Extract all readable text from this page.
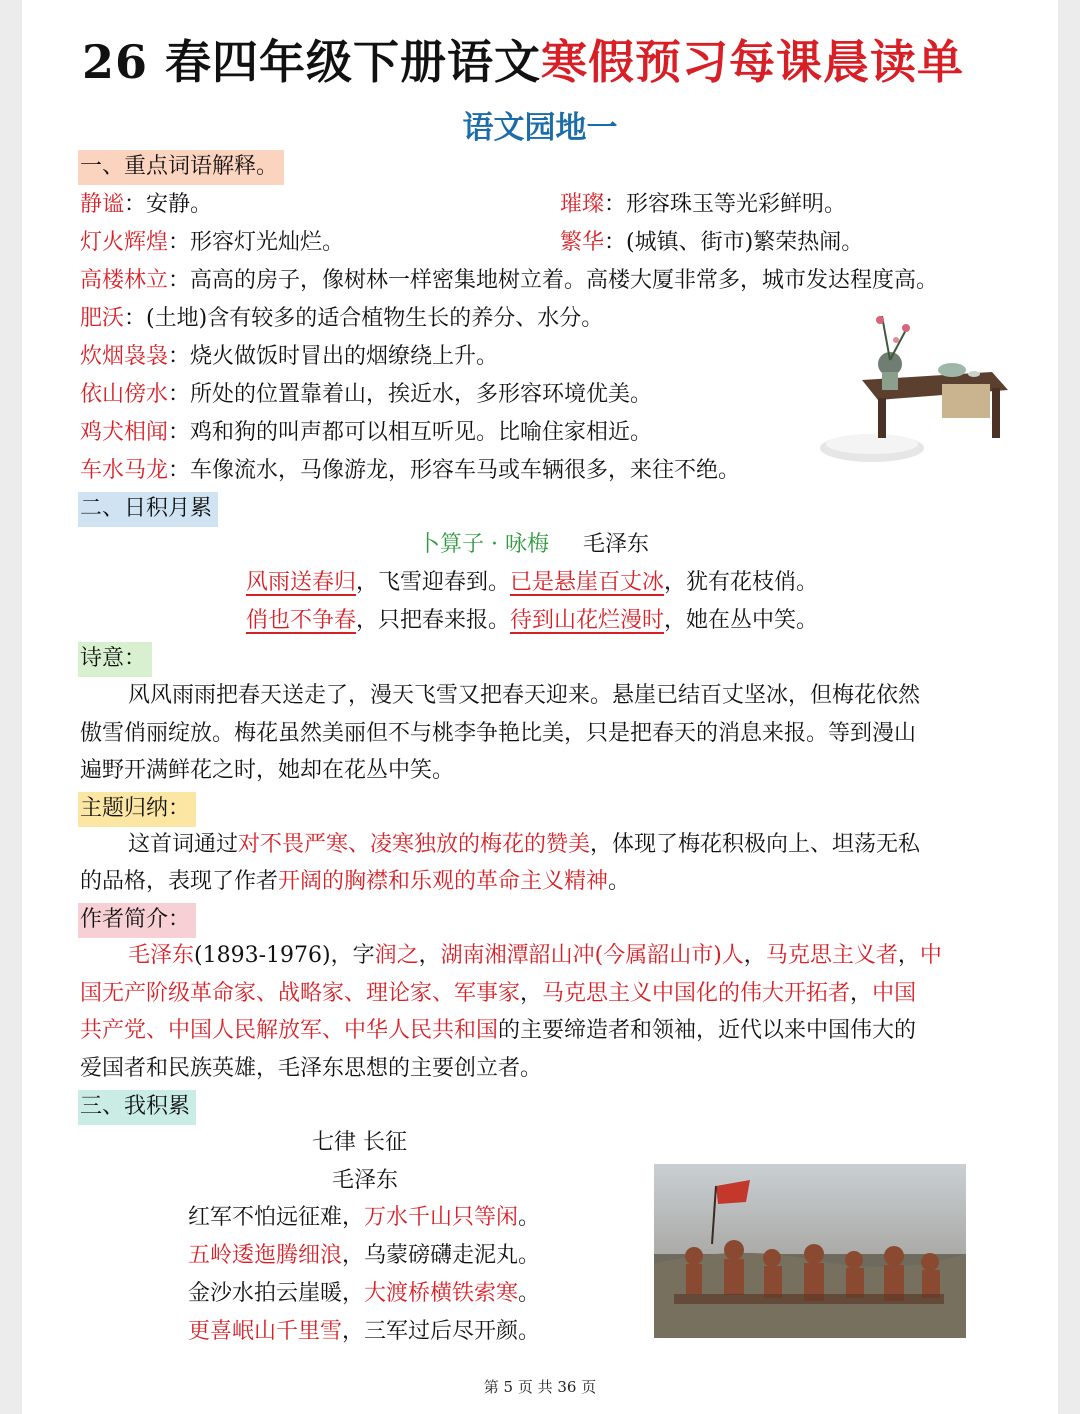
26 春四年级下册语文寒假预习每课晨读单
语文园地一
一、重点词语解释。
静谧：安静。	璀璨：形容珠玉等光彩鲜明。
灯火辉煌：形容灯光灿烂。	繁华：(城镇、街市)繁荣热闹。
高楼林立：高高的房子，像树林一样密集地树立着。高楼大厦非常多，城市发达程度高。
肥沃：(土地)含有较多的适合植物生长的养分、水分。
炊烟袅袅：烧火做饭时冒出的烟缭绕上升。
依山傍水：所处的位置靠着山，挨近水，多形容环境优美。
鸡犬相闻：鸡和狗的叫声都可以相互听见。比喻住家相近。
车水马龙：车像流水，马像游龙，形容车马或车辆很多，来往不绝。
二、日积月累
卜算子 · 咏梅 毛泽东
风雨送春归，飞雪迎春到。已是悬崖百丈冰，犹有花枝俏。
俏也不争春，只把春来报。待到山花烂漫时，她在丛中笑。
诗意：
风风雨雨把春天送走了，漫天飞雪又把春天迎来。悬崖已结百丈坚冰，但梅花依然
傲雪俏丽绽放。梅花虽然美丽但不与桃李争艳比美，只是把春天的消息来报。等到漫山
遍野开满鲜花之时，她却在花丛中笑。
主题归纳：
这首词通过对不畏严寒、凌寒独放的梅花的赞美，体现了梅花积极向上、坦荡无私
的品格，表现了作者开阔的胸襟和乐观的革命主义精神。
作者简介：
毛泽东(1893-1976)，字润之，湖南湘潭韶山冲(今属韶山市)人，马克思主义者，中
国无产阶级革命家、战略家、理论家、军事家，马克思主义中国化的伟大开拓者，中国
共产党、中国人民解放军、中华人民共和国的主要缔造者和领袖，近代以来中国伟大的
爱国者和民族英雄，毛泽东思想的主要创立者。
三、我积累
七律 长征
毛泽东
红军不怕远征难，万水千山只等闲。
五岭逶迤腾细浪，乌蒙磅礴走泥丸。
金沙水拍云崖暖，大渡桥横铁索寒。
更喜岷山千里雪，三军过后尽开颜。
第 5 页 共 36 页
